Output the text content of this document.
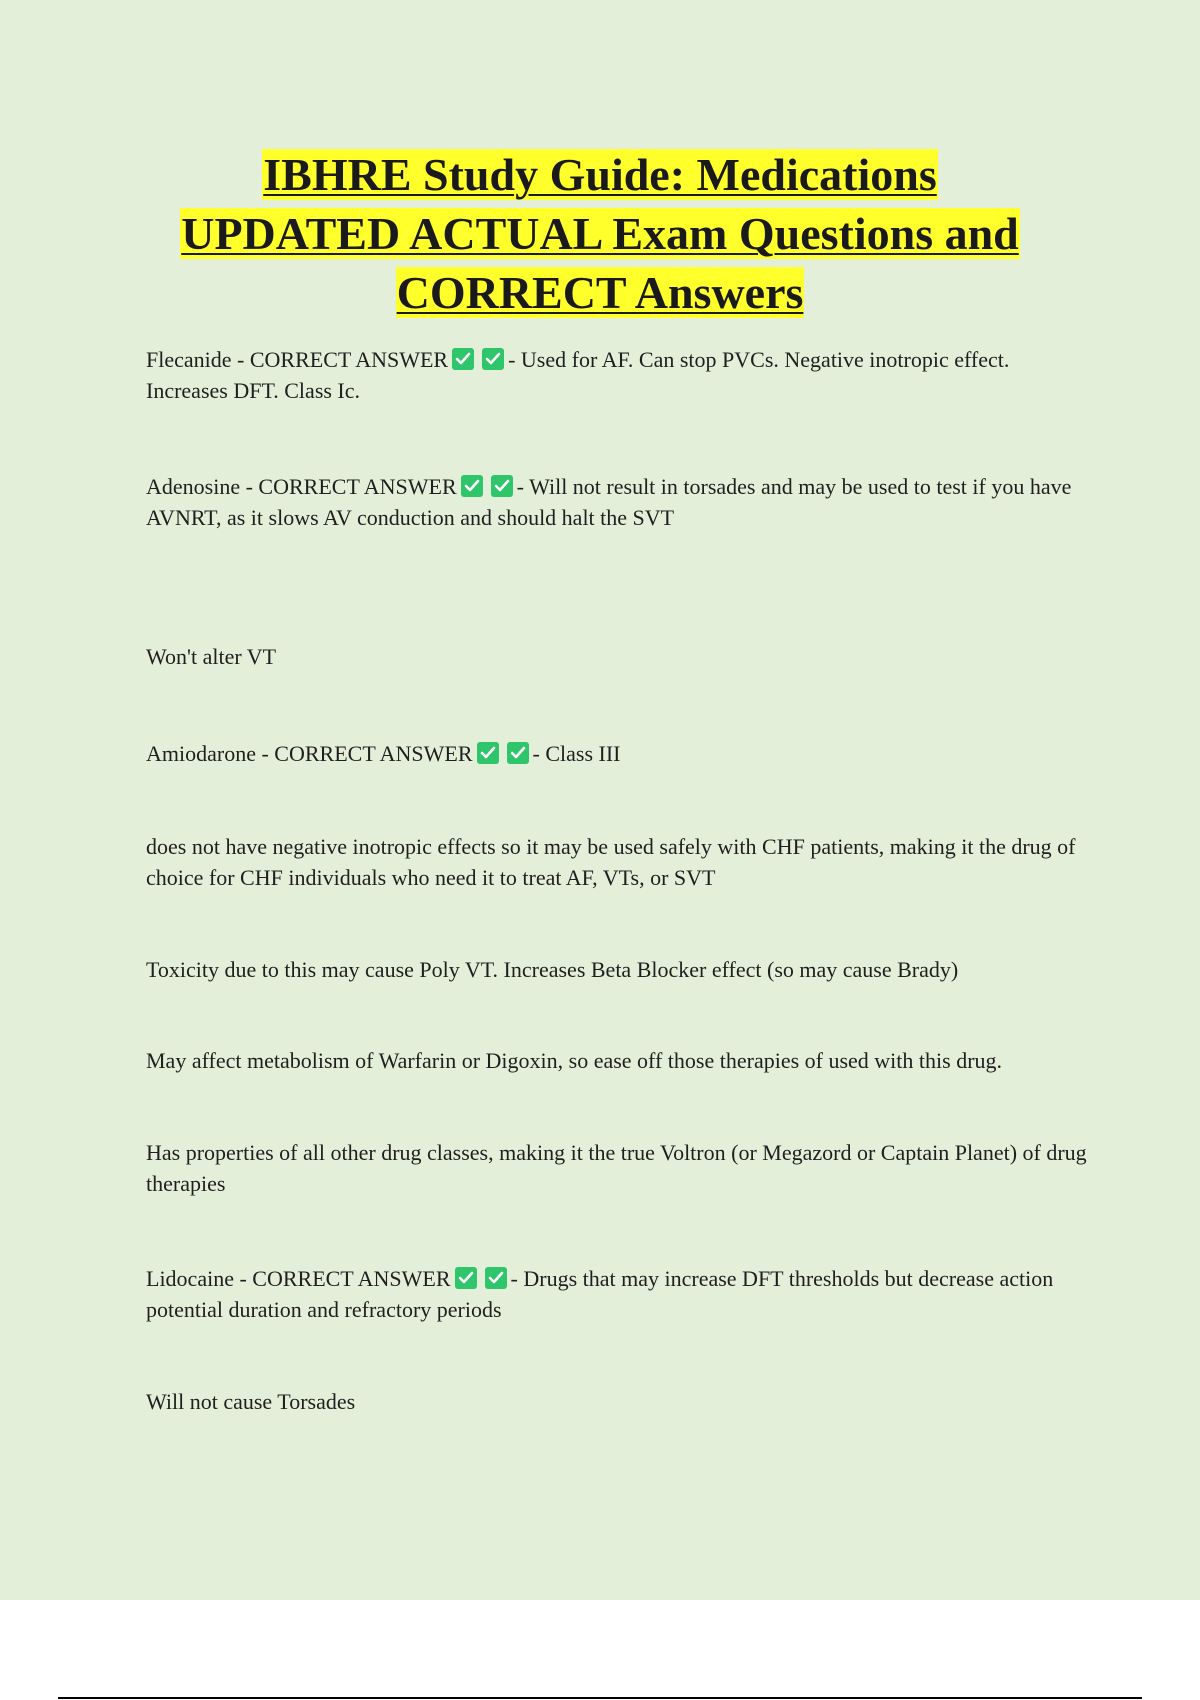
IBHRE Study Guide: Medications
UPDATED ACTUAL Exam Questions and
CORRECT Answers

Flecanide - CORRECT ANSWER	- Used for AF. Can stop PVCs. Negative inotropic effect. Increases DFT. Class Ic.

Adenosine - CORRECT ANSWER	- Will not result in torsades and may be used to test if you have AVNRT, as it slows AV conduction and should halt the SVT

Won't alter VT

Amiodarone - CORRECT ANSWER	- Class III

does not have negative inotropic effects so it may be used safely with CHF patients, making it the drug of choice for CHF individuals who need it to treat AF, VTs, or SVT

Toxicity due to this may cause Poly VT. Increases Beta Blocker effect (so may cause Brady)

May affect metabolism of Warfarin or Digoxin, so ease off those therapies of used with this drug.

Has properties of all other drug classes, making it the true Voltron (or Megazord or Captain Planet) of drug therapies

Lidocaine - CORRECT ANSWER	- Drugs that may increase DFT thresholds but decrease action potential duration and refractory periods

Will not cause Torsades
